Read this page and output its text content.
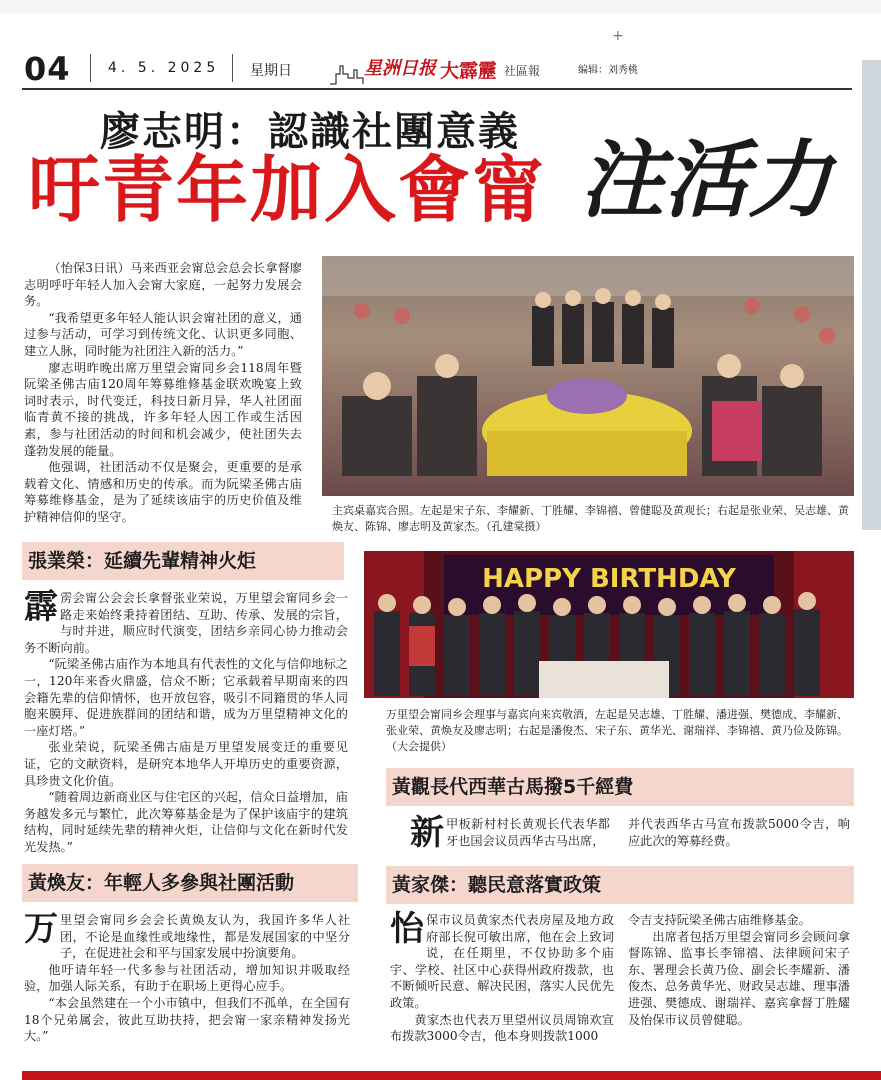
+
04	4. 5. 2025 星期日	星洲日报 大霹靂 社區報	编辑：刘秀桃
廖志明：認識社團意義
吁青年加入會甯 注活力

（怡保3日讯）马来西亚会甯总会总会长拿督廖志明呼吁年轻人加入会甯大家庭，一起努力发展会务。

“我希望更多年轻人能认识会甯社团的意义，通过参与活动，可学习到传统文化、认识更多同胞、建立人脉，同时能为社团注入新的活力。”

廖志明昨晚出席万里望会甯同乡会118周年暨阮梁圣佛古庙120周年筹募维修基金联欢晚宴上致词时表示，时代变迁，科技日新月异，华人社团面临青黄不接的挑战，许多年轻人因工作或生活因素，参与社团活动的时间和机会减少，使社团失去蓬勃发展的能量。

他强调，社团活动不仅是聚会，更重要的是承载着文化、情感和历史的传承。而为阮梁圣佛古庙筹募维修基金，是为了延续该庙宇的历史价值及维护精神信仰的坚守。	主宾桌嘉宾合照。左起是宋子东、李耀新、丁胜耀、李锦禧、曾健聪及黄观长；右起是张业荣、吴志雄、黄焕友、陈锦、廖志明及黄家杰。（孔建棠摄）
HAPPY BIRTHDAY
万里望会甯同乡会理事与嘉宾向来宾敬酒，左起是吴志雄、丁胜耀、潘进强、樊德成、李耀新、张业荣、黄焕友及廖志明；右起是潘俊杰、宋子东、黄华光、谢瑞祥、李锦禧、黄乃俭及陈锦。（大会提供）
張業榮：延續先輩精神火炬

霹雳会甯公会会长拿督张业荣说，万里望会甯同乡会一路走来始终秉持着团结、互助、传承、发展的宗旨，与时并进，顺应时代演变，团结乡亲同心协力推动会务不断向前。

“阮梁圣佛古庙作为本地具有代表性的文化与信仰地标之一，120年来香火鼎盛，信众不断；它承载着早期南来的四会籍先辈的信仰情怀，也开放包容，吸引不同籍贯的华人同胞来膜拜、促进族群间的团结和谐，成为万里望精神文化的一座灯塔。”

张业荣说，阮梁圣佛古庙是万里望发展变迁的重要见证，它的文献资料，是研究本地华人开埠历史的重要资源，具珍贵文化价值。

“随着周边新商业区与住宅区的兴起，信众日益增加，庙务越发多元与繁忙，此次筹募基金是为了保护该庙宇的建筑结构，同时延续先辈的精神火炬，让信仰与文化在新时代发光发热。”

黃煥友：年輕人多參與社團活動

万里望会甯同乡会会长黄焕友认为，我国许多华人社团，不论是血缘性或地缘性，都是发展国家的中坚分子，在促进社会和平与国家发展中扮演要角。

他吁请年轻一代多参与社团活动，增加知识并吸取经验，加强人际关系，有助于在职场上更得心应手。

“本会虽然建在一个小市镇中，但我们不孤单，在全国有18个兄弟属会，彼此互助扶持，把会甯一家亲精神发扬光大。”

黃觀長代西華古馬撥5千經費

新甲板新村村长黄观长代表华都牙也国会议员西华古马出席，

并代表西华古马宣布拨款5000令吉，响应此次的筹募经费。

黃家傑：聽民意落實政策

怡保市议员黄家杰代表房屋及地方政府部长倪可敏出席，他在会上致词说，在任期里，不仅协助多个庙宇、学校、社区中心获得州政府拨款，也不断倾听民意、解决民困，落实人民优先政策。

黄家杰也代表万里望州议员周锦欢宣布拨款3000令吉，他本身则拨款1000

令吉支持阮梁圣佛古庙维修基金。

出席者包括万里望会甯同乡会顾问拿督陈锦、监事长李锦禧、法律顾问宋子东、署理会长黄乃俭、副会长李耀新、潘俊杰、总务黄华光、财政吴志雄、理事潘进强、樊德成、谢瑞祥、嘉宾拿督丁胜耀及怡保市议员曾健聪。
